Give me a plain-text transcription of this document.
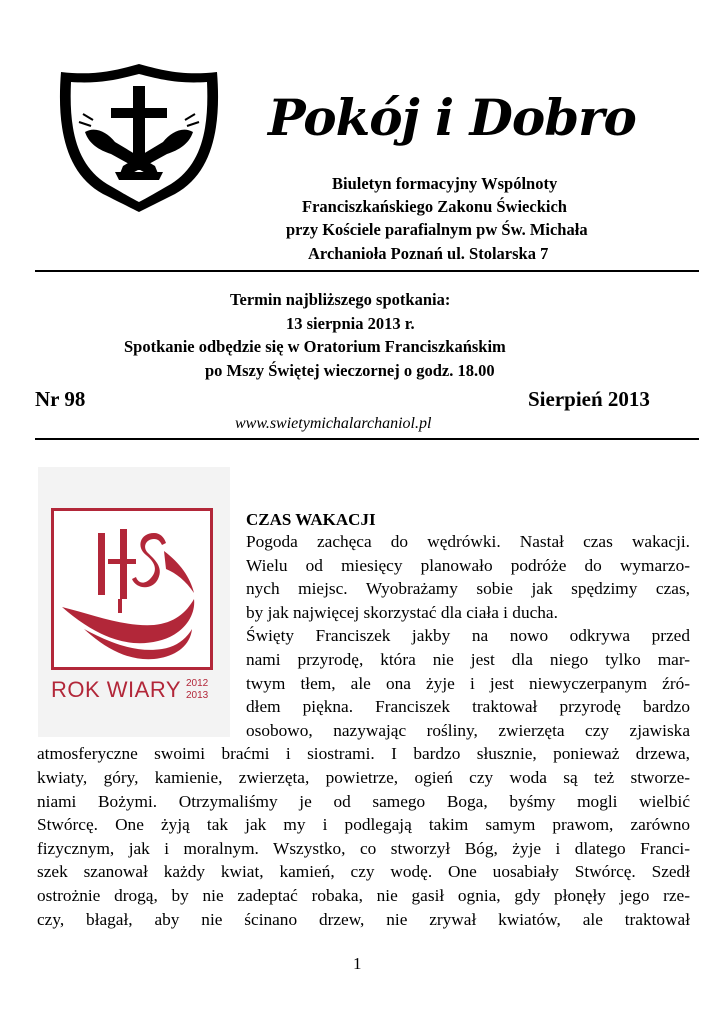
Pokój i Dobro
Biuletyn formacyjny Wspólnoty
Franciszkańskiego Zakonu Świeckich
przy Kościele parafialnym pw Św. Michała
Archanioła Poznań ul. Stolarska 7
Termin najbliższego spotkania:
13 sierpnia 2013 r.
Spotkanie odbędzie się w Oratorium Franciszkańskim
po Mszy Świętej wieczornej o godz. 18.00
Nr 98	Sierpień 2013
www.swietymichalarchaniol.pl
ROK WIARY 2012
2013
CZAS WAKACJI
Pogoda zachęca do wędrówki. Nastał czas wakacji.
Wielu od miesięcy planowało podróże do wymarzo-
nych miejsc. Wyobrażamy sobie jak spędzimy czas,
by jak najwięcej skorzystać dla ciała i ducha.
Święty Franciszek jakby na nowo odkrywa przed
nami przyrodę, która nie jest dla niego tylko mar-
twym tłem, ale ona żyje i jest niewyczerpanym źró-
dłem piękna. Franciszek traktował przyrodę bardzo
osobowo, nazywając rośliny, zwierzęta czy zjawiska
atmosferyczne swoimi braćmi i siostrami. I bardzo słusznie, ponieważ drzewa,
kwiaty, góry, kamienie, zwierzęta, powietrze, ogień czy woda są też stworze-
niami Bożymi. Otrzymaliśmy je od samego Boga, byśmy mogli wielbić
Stwórcę. One żyją tak jak my i podlegają takim samym prawom, zarówno
fizycznym, jak i moralnym. Wszystko, co stworzył Bóg, żyje i dlatego Franci-
szek szanował każdy kwiat, kamień, czy wodę. One uosabiały Stwórcę. Szedł
ostrożnie drogą, by nie zadeptać robaka, nie gasił ognia, gdy płonęły jego rze-
czy, błagał, aby nie ścinano drzew, nie zrywał kwiatów, ale traktował
1
